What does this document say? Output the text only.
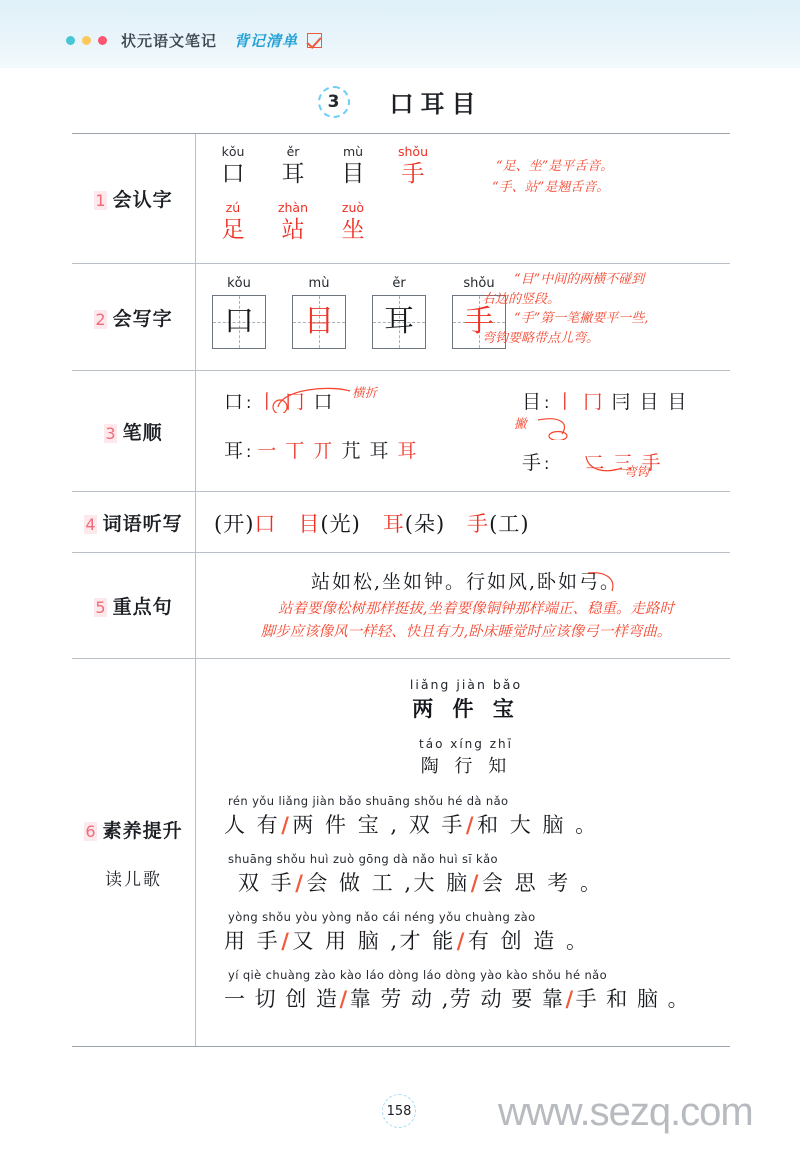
状元语文笔记 背记清单
3	口耳目
1 会认字
kǒu
口
ěr
耳
mù
目
shǒu
手
zú
足
zhàn
站
zuò
坐
“足、坐”是平舌音。
“手、站”是翘舌音。
2 会写字
kǒu
口
mù
目
ěr
耳
shǒu
手
“目”中间的两横不碰到
右边的竖段。
“手”第一笔撇要平一些,
弯钩要略带点儿弯。
3 笔顺
口 : 丨 冂 口 横折	目 : 丨 冂 冃 目 目
耳 : 一 丅 丌 芁 耳 耳
撇
手 : 二 三 手
弯钩
4 词语听写 (开)口 目(光) 耳(朵) 手(工)
5 重点句
站如松,坐如钟。行如风,卧如弓。
站着要像松树那样挺拔,坐着要像铜钟那样端正、稳重。走路时
脚步应该像风一样轻、快且有力,卧床睡觉时应该像弓一样弯曲。
6 素养提升
读儿歌
liǎng jiàn bǎo
两 件 宝
táo xíng zhī
陶 行 知
rén yǒu liǎng jiàn bǎo shuāng shǒu hé dà nǎo
人 有/两 件 宝 , 双 手/和 大 脑 。
shuāng shǒu huì zuò gōng dà nǎo huì sī kǎo
双 手/会 做 工 ,大 脑/会 思 考 。
yòng shǒu yòu yòng nǎo cái néng yǒu chuàng zào
用 手/又 用 脑 ,才 能/有 创 造 。
yí qiè chuàng zào kào láo dòng láo dòng yào kào shǒu hé nǎo
一 切 创 造/靠 劳 动 ,劳 动 要 靠/手 和 脑 。
158 www.sezq.com
